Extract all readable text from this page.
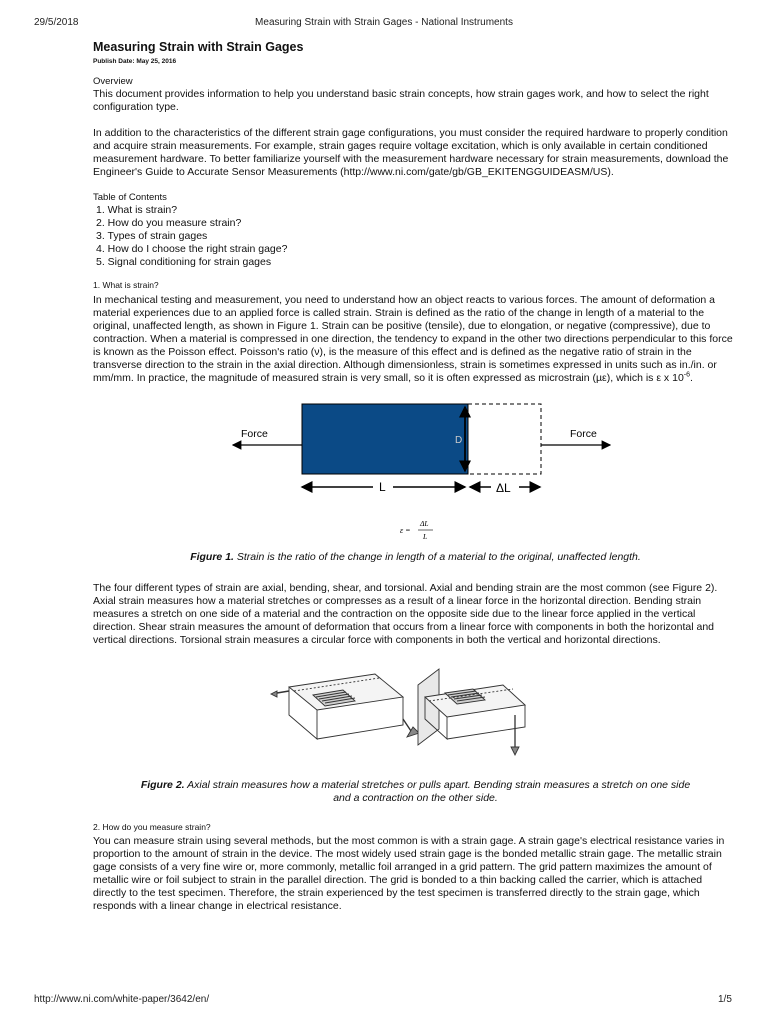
29/5/2018	Measuring Strain with Strain Gages - National Instruments
Measuring Strain with Strain Gages
Publish Date: May 25, 2016
Overview

This document provides information to help you understand basic strain concepts, how strain gages work, and how to select the right configuration type.

In addition to the characteristics of the different strain gage configurations, you must consider the required hardware to properly condition and acquire strain measurements. For example, strain gages require voltage excitation, which is only available in certain conditioned measurement hardware. To better familiarize yourself with the measurement hardware necessary for strain measurements, download the Engineer's Guide to Accurate Sensor Measurements (http://www.ni.com/gate/gb/GB_EKITENGGUIDEASM/US).

Table of Contents
1. What is strain?
2. How do you measure strain?
3. Types of strain gages
4. How do I choose the right strain gage?
5. Signal conditioning for strain gages
1. What is strain?

In mechanical testing and measurement, you need to understand how an object reacts to various forces. The amount of deformation a material experiences due to an applied force is called strain. Strain is defined as the ratio of the change in length of a material to the original, unaffected length, as shown in Figure 1. Strain can be positive (tensile), due to elongation, or negative (compressive), due to contraction. When a material is compressed in one direction, the tendency to expand in the other two directions perpendicular to this force is known as the Poisson effect. Poisson's ratio (ν), is the measure of this effect and is defined as the negative ratio of strain in the transverse direction to the strain in the axial direction. Although dimensionless, strain is sometimes expressed in units such as in./in. or mm/mm. In practice, the magnitude of measured strain is very small, so it is often expressed as microstrain (µε), which is ε x $10^{-6}$.

D
Force	Force
L	ΔL
ε =
ΔL
L
Figure 1. Strain is the ratio of the change in length of a material to the original, unaffected length.

The four different types of strain are axial, bending, shear, and torsional. Axial and bending strain are the most common (see Figure 2). Axial strain measures how a material stretches or compresses as a result of a linear force in the horizontal direction. Bending strain measures a stretch on one side of a material and the contraction on the opposite side due to the linear force applied in the vertical direction. Shear strain measures the amount of deformation that occurs from a linear force with components in both the horizontal and vertical directions. Torsional strain measures a circular force with components in both the vertical and horizontal directions.

Figure 2. Axial strain measures how a material stretches or pulls apart. Bending strain measures a stretch on one side
and a contraction on the other side.
2. How do you measure strain?

You can measure strain using several methods, but the most common is with a strain gage. A strain gage's electrical resistance varies in proportion to the amount of strain in the device. The most widely used strain gage is the bonded metallic strain gage. The metallic strain gage consists of a very fine wire or, more commonly, metallic foil arranged in a grid pattern. The grid pattern maximizes the amount of metallic wire or foil subject to strain in the parallel direction. The grid is bonded to a thin backing called the carrier, which is attached directly to the test specimen. Therefore, the strain experienced by the test specimen is transferred directly to the strain gage, which responds with a linear change in electrical resistance.

http://www.ni.com/white-paper/3642/en/	1/5
